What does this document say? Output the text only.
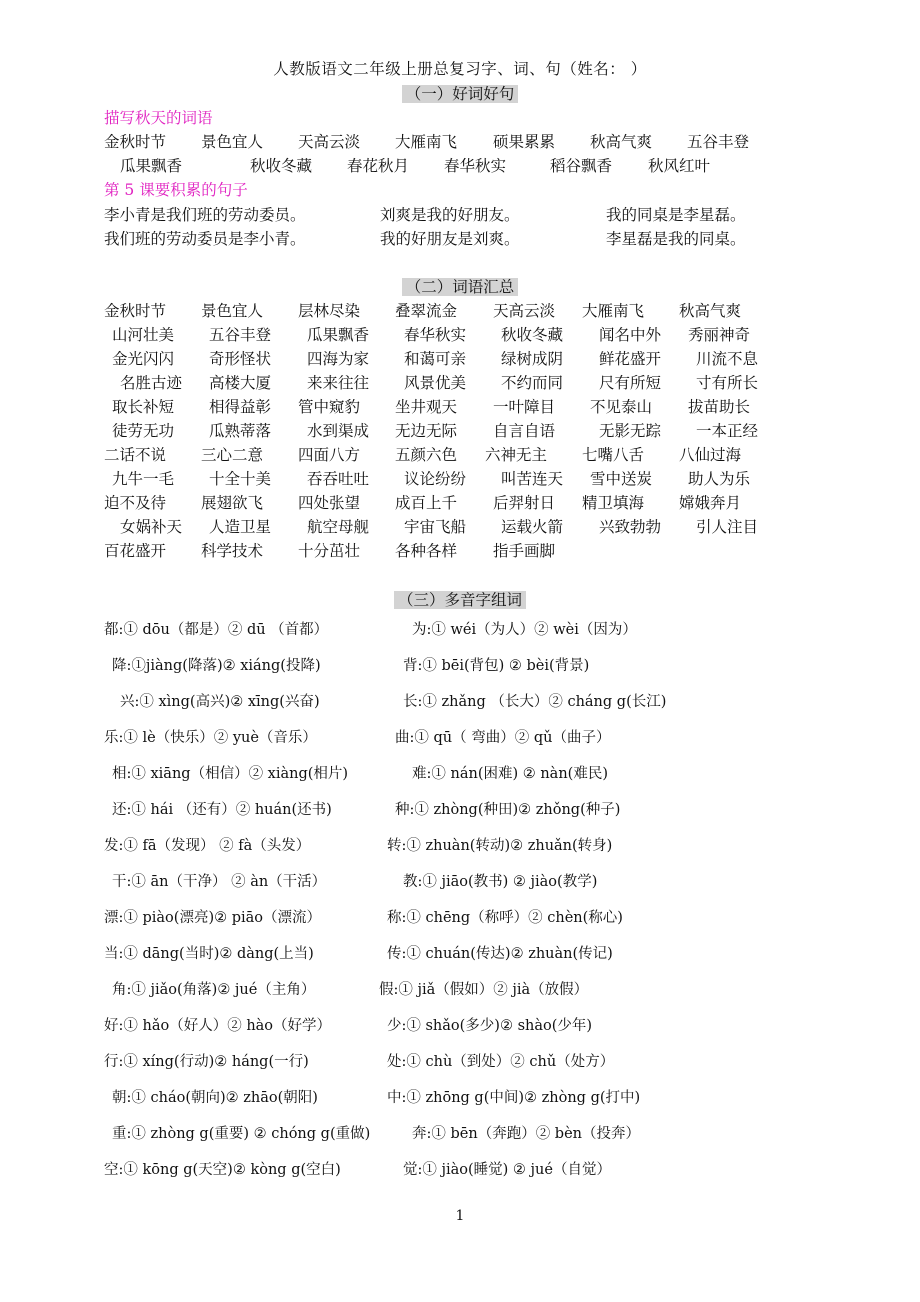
人教版语文二年级上册总复习字、词、句（姓名： ）
（一）好词好句
描写秋天的词语
金秋时节 景色宜人 天高云淡 大雁南飞 硕果累累 秋高气爽 五谷丰登
瓜果飘香	秋收冬藏 春花秋月 春华秋实	稻谷飘香 秋风红叶
第 5 课要积累的句子
李小青是我们班的劳动委员。	刘爽是我的好朋友。	我的同桌是李星磊。
我们班的劳动委员是李小青。	我的好朋友是刘爽。	李星磊是我的同桌。
（二）词语汇总
金秋时节 景色宜人 层林尽染 叠翠流金 天高云淡 大雁南飞 秋高气爽
山河壮美 五谷丰登 瓜果飘香 春华秋实 秋收冬藏 闻名中外 秀丽神奇
金光闪闪 奇形怪状 四海为家 和蔼可亲 绿树成阴 鲜花盛开 川流不息
名胜古迹 高楼大厦 来来往往 风景优美 不约而同 尺有所短 寸有所长
取长补短 相得益彰 管中窥豹 坐井观天 一叶障目 不见泰山 拔苗助长
徒劳无功 瓜熟蒂落 水到渠成 无边无际 自言自语	无影无踪 一本正经
二话不说 三心二意 四面八方 五颜六色 六神无主 七嘴八舌 八仙过海
九牛一毛 十全十美 吞吞吐吐 议论纷纷 叫苦连天 雪中送炭 助人为乐
迫不及待 展翅欲飞 四处张望 成百上千 后羿射日 精卫填海 嫦娥奔月
女娲补天 人造卫星 航空母舰 宇宙飞船 运载火箭 兴致勃勃 引人注目
百花盛开 科学技术 十分茁壮 各种各样 指手画脚
（三）多音字组词
都:① dōu（都是）② dū （首都）	为:① wéi（为人）② wèi（因为）
降:①jiàng(降落)② xiáng(投降)	背:① bēi(背包) ② bèi(背景)
兴:① xìng(高兴)② xīng(兴奋)	长:① zhǎng （长大）② cháng g(长江)
乐:① lè（快乐）② yuè（音乐）	曲:① qū（ 弯曲）② qǔ（曲子）
相:① xiāng（相信）② xiàng(相片)	难:① nán(困难) ② nàn(难民)
还:① hái （还有）② huán(还书)	种:① zhòng(种田)② zhǒng(种子)
发:① fā（发现） ② fà（头发）	转:① zhuàn(转动)② zhuǎn(转身)
干:① ān（干净） ② àn（干活）	教:① jiāo(教书) ② jiào(教学)
漂:① piào(漂亮)② piāo（漂流）	称:① chēng（称呼）② chèn(称心)
当:① dāng(当时)② dàng(上当)	传:① chuán(传达)② zhuàn(传记)
角:① jiǎo(角落)② jué（主角）	假:① jiǎ（假如）② jià（放假）
好:① hǎo（好人）② hào（好学）	少:① shǎo(多少)② shào(少年)
行:① xíng(行动)② háng(一行)	处:① chù（到处）② chǔ（处方）
朝:① cháo(朝向)② zhāo(朝阳)	中:① zhōng g(中间)② zhòng g(打中)
重:① zhòng g(重要) ② chóng g(重做)	奔:① bēn（奔跑）② bèn（投奔）
空:① kōng g(天空)② kòng g(空白)	觉:① jiào(睡觉) ② jué（自觉）
1
